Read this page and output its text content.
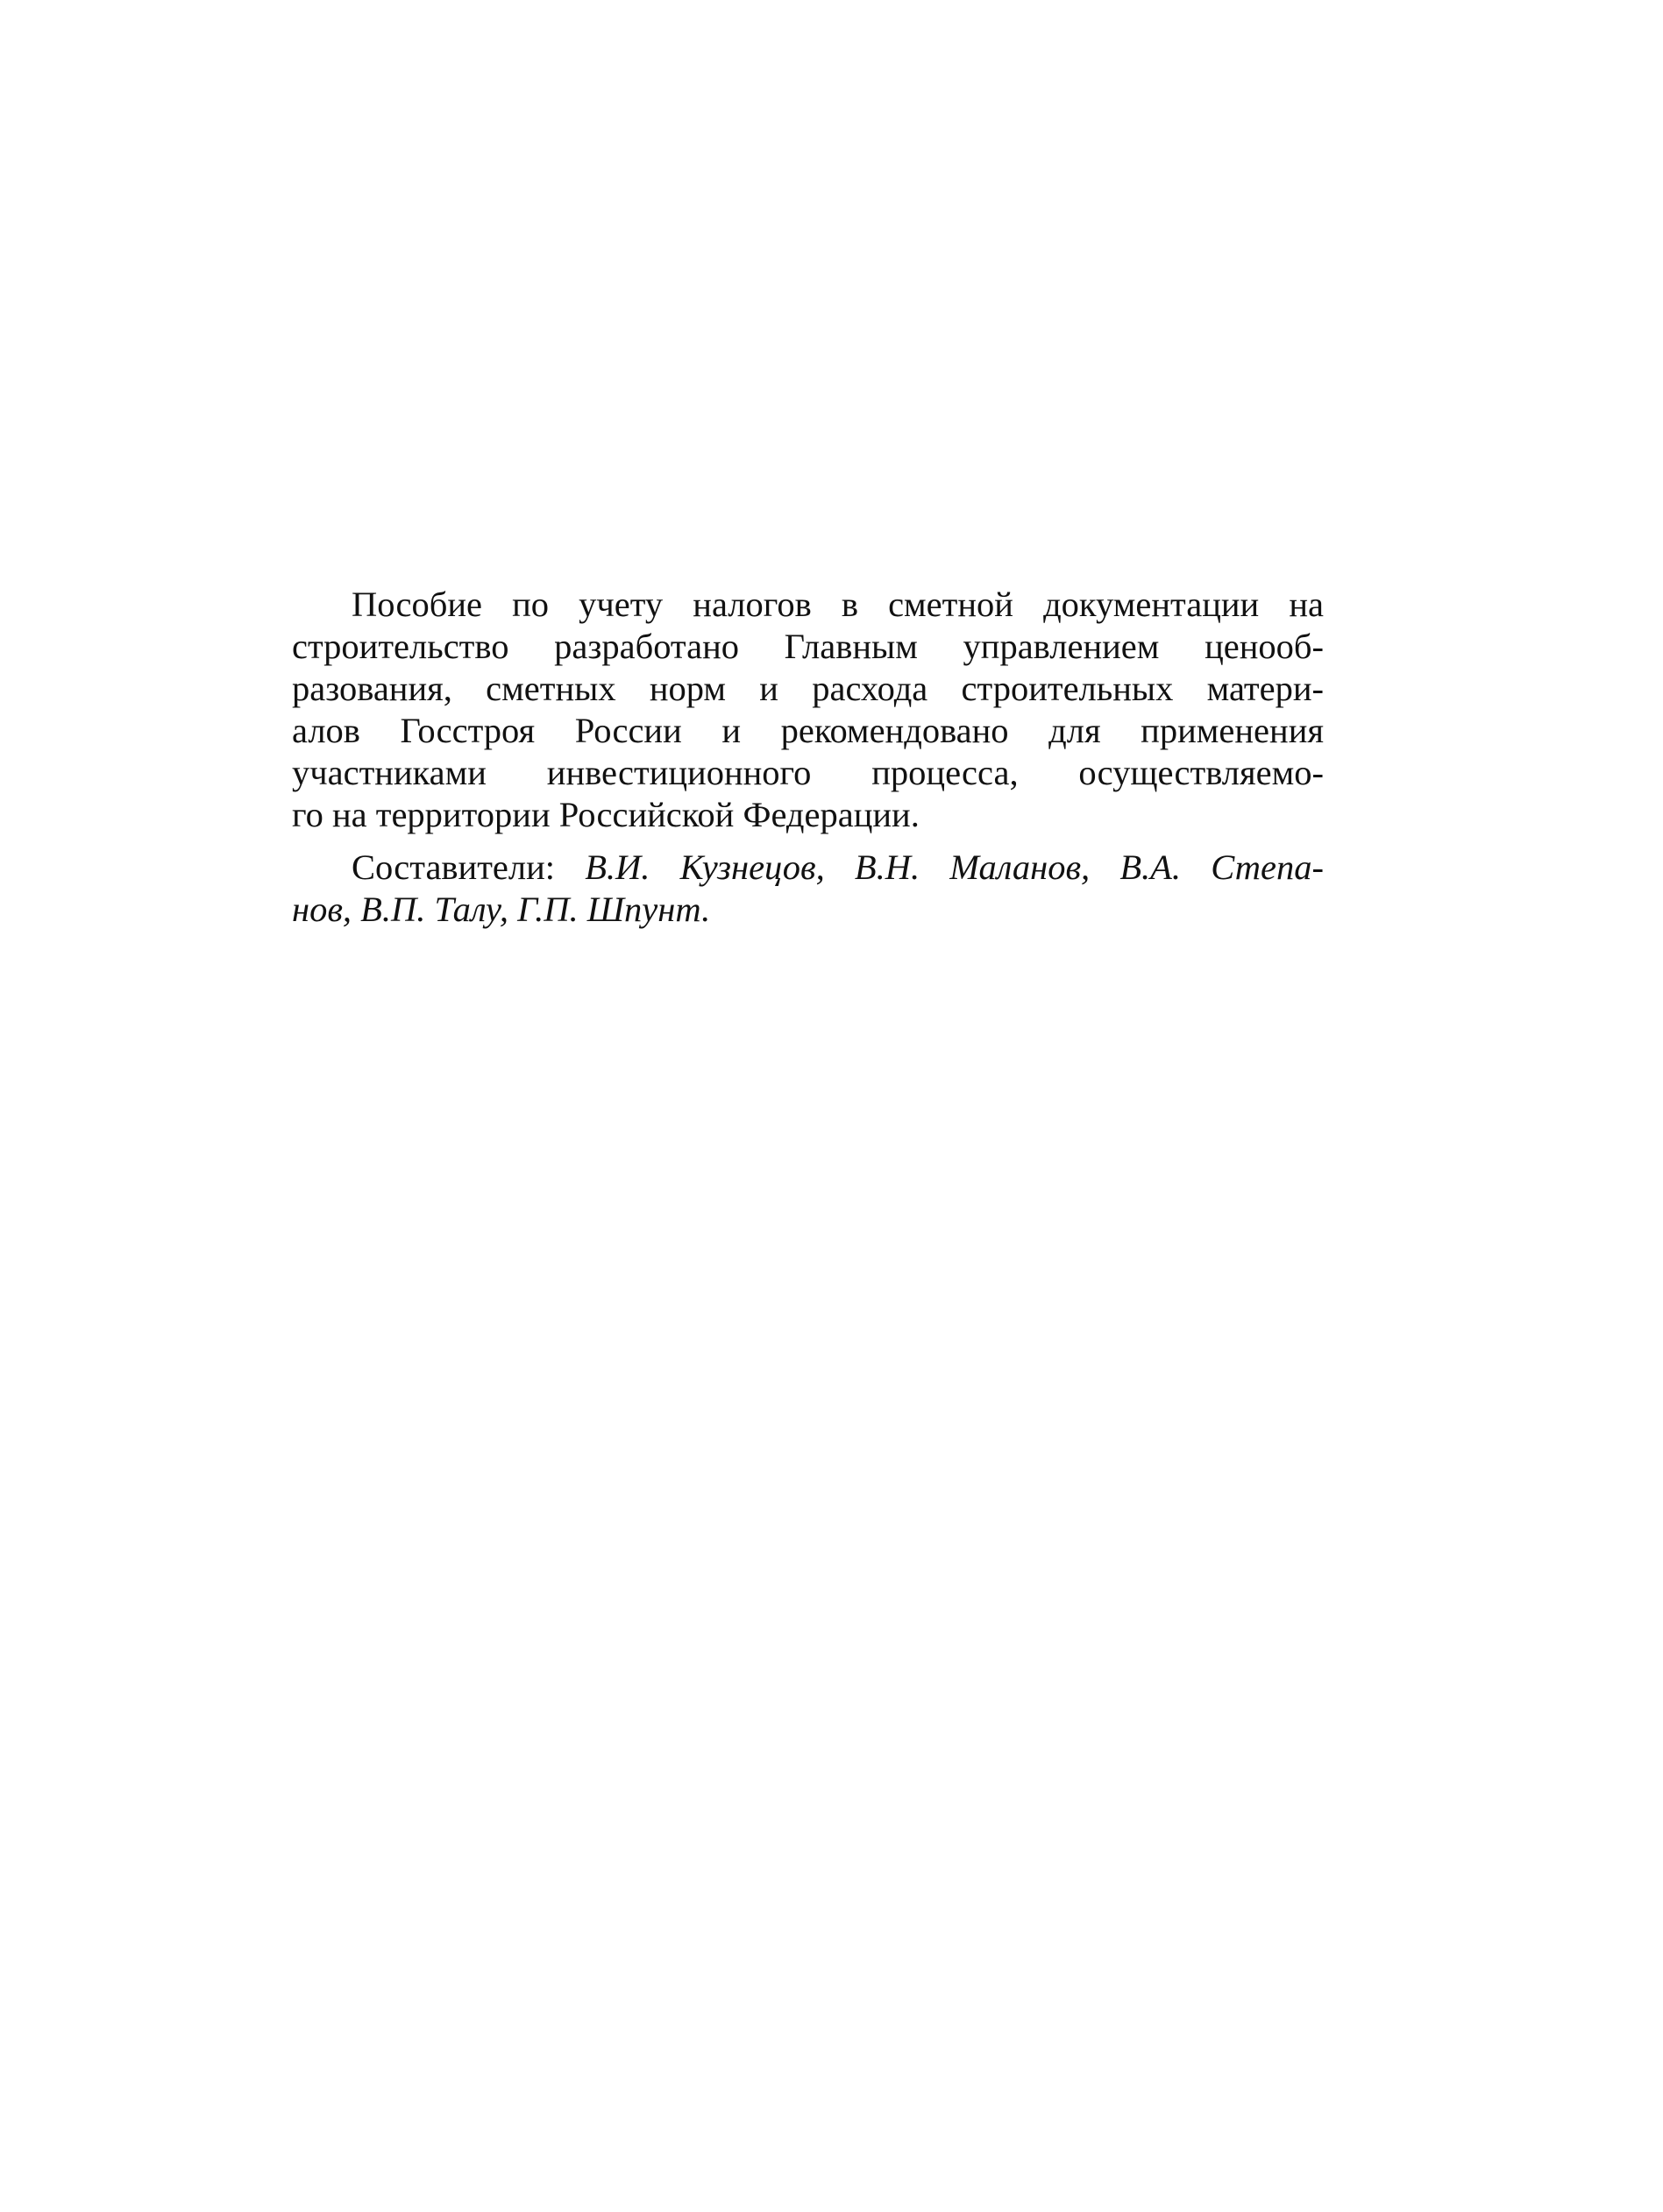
Пособие по учету налогов в сметной документации на
строительство разработано Главным управлением ценооб-
разования, сметных норм и расхода строительных матери-
алов Госстроя России и рекомендовано для применения
участниками инвестиционного процесса, осуществляемо-
го на территории Российской Федерации.
Составители: В.И. Кузнецов, В.Н. Маланов, В.А. Степа-
нов, В.П. Талу, Г.П. Шпунт.
